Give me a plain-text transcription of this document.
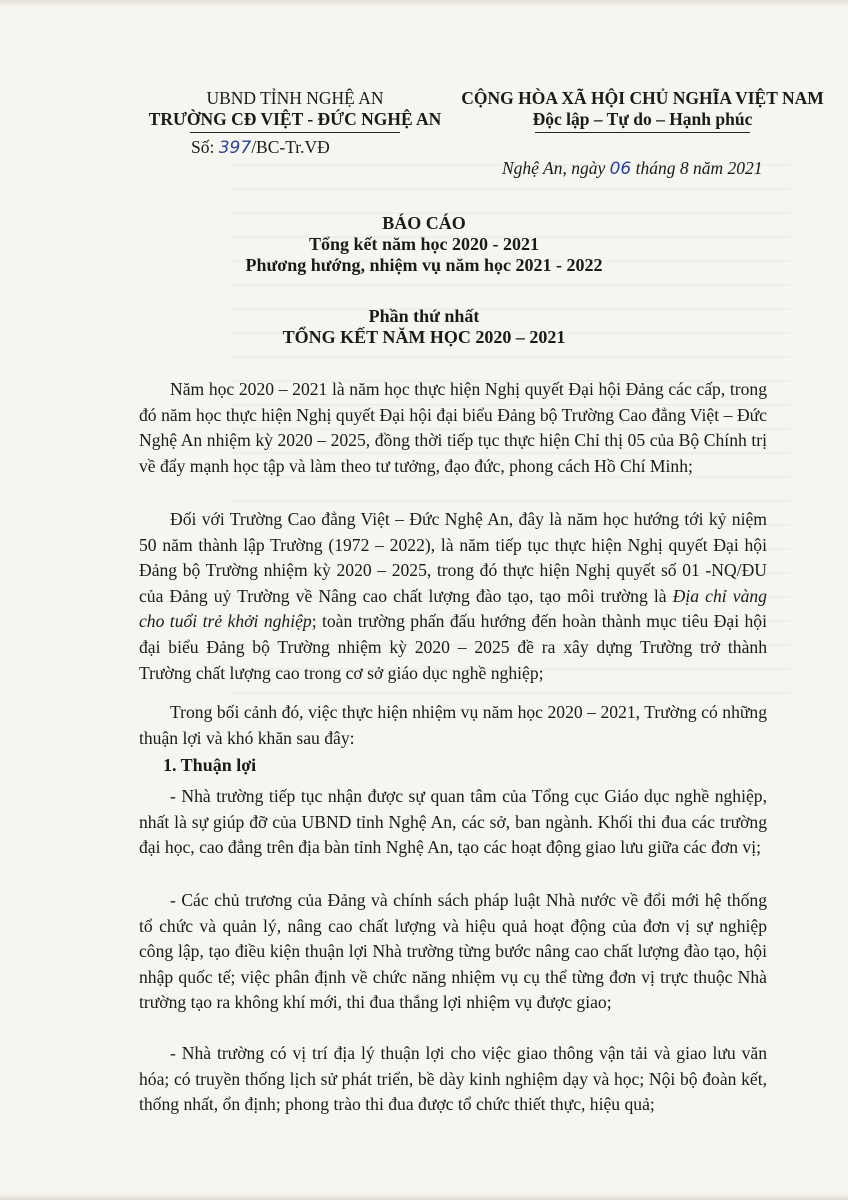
UBND TỈNH NGHỆ AN
TRƯỜNG CĐ VIỆT - ĐỨC NGHỆ AN
Số: 397/BC-Tr.VĐ
CỘNG HÒA XÃ HỘI CHỦ NGHĨA VIỆT NAM
Độc lập – Tự do – Hạnh phúc
Nghệ An, ngày 06 tháng 8 năm 2021
BÁO CÁO
Tổng kết năm học 2020 - 2021
Phương hướng, nhiệm vụ năm học 2021 - 2022
Phần thứ nhất
TỔNG KẾT NĂM HỌC 2020 – 2021
Năm học 2020 – 2021 là năm học thực hiện Nghị quyết Đại hội Đảng các cấp, trong đó năm học thực hiện Nghị quyết Đại hội đại biểu Đảng bộ Trường Cao đẳng Việt – Đức Nghệ An nhiệm kỳ 2020 – 2025, đồng thời tiếp tục thực hiện Chỉ thị 05 của Bộ Chính trị về đẩy mạnh học tập và làm theo tư tưởng, đạo đức, phong cách Hồ Chí Minh;
Đối với Trường Cao đẳng Việt – Đức Nghệ An, đây là năm học hướng tới kỷ niệm 50 năm thành lập Trường (1972 – 2022), là năm tiếp tục thực hiện Nghị quyết Đại hội Đảng bộ Trường nhiệm kỳ 2020 – 2025, trong đó thực hiện Nghị quyết số 01 -NQ/ĐU của Đảng uỷ Trường về Nâng cao chất lượng đào tạo, tạo môi trường là Địa chỉ vàng cho tuổi trẻ khởi nghiệp; toàn trường phấn đấu hướng đến hoàn thành mục tiêu Đại hội đại biểu Đảng bộ Trường nhiệm kỳ 2020 – 2025 đề ra xây dựng Trường trở thành Trường chất lượng cao trong cơ sở giáo dục nghề nghiệp;
Trong bối cảnh đó, việc thực hiện nhiệm vụ năm học 2020 – 2021, Trường có những thuận lợi và khó khăn sau đây:
1. Thuận lợi
- Nhà trường tiếp tục nhận được sự quan tâm của Tổng cục Giáo dục nghề nghiệp, nhất là sự giúp đỡ của UBND tỉnh Nghệ An, các sở, ban ngành. Khối thi đua các trường đại học, cao đẳng trên địa bàn tỉnh Nghệ An, tạo các hoạt động giao lưu giữa các đơn vị;
- Các chủ trương của Đảng và chính sách pháp luật Nhà nước về đổi mới hệ thống tổ chức và quản lý, nâng cao chất lượng và hiệu quả hoạt động của đơn vị sự nghiệp công lập, tạo điều kiện thuận lợi Nhà trường từng bước nâng cao chất lượng đào tạo, hội nhập quốc tế; việc phân định về chức năng nhiệm vụ cụ thể từng đơn vị trực thuộc Nhà trường tạo ra không khí mới, thi đua thắng lợi nhiệm vụ được giao;
- Nhà trường có vị trí địa lý thuận lợi cho việc giao thông vận tải và giao lưu văn hóa; có truyền thống lịch sử phát triển, bề dày kinh nghiệm dạy và học; Nội bộ đoàn kết, thống nhất, ổn định; phong trào thi đua được tổ chức thiết thực, hiệu quả;
